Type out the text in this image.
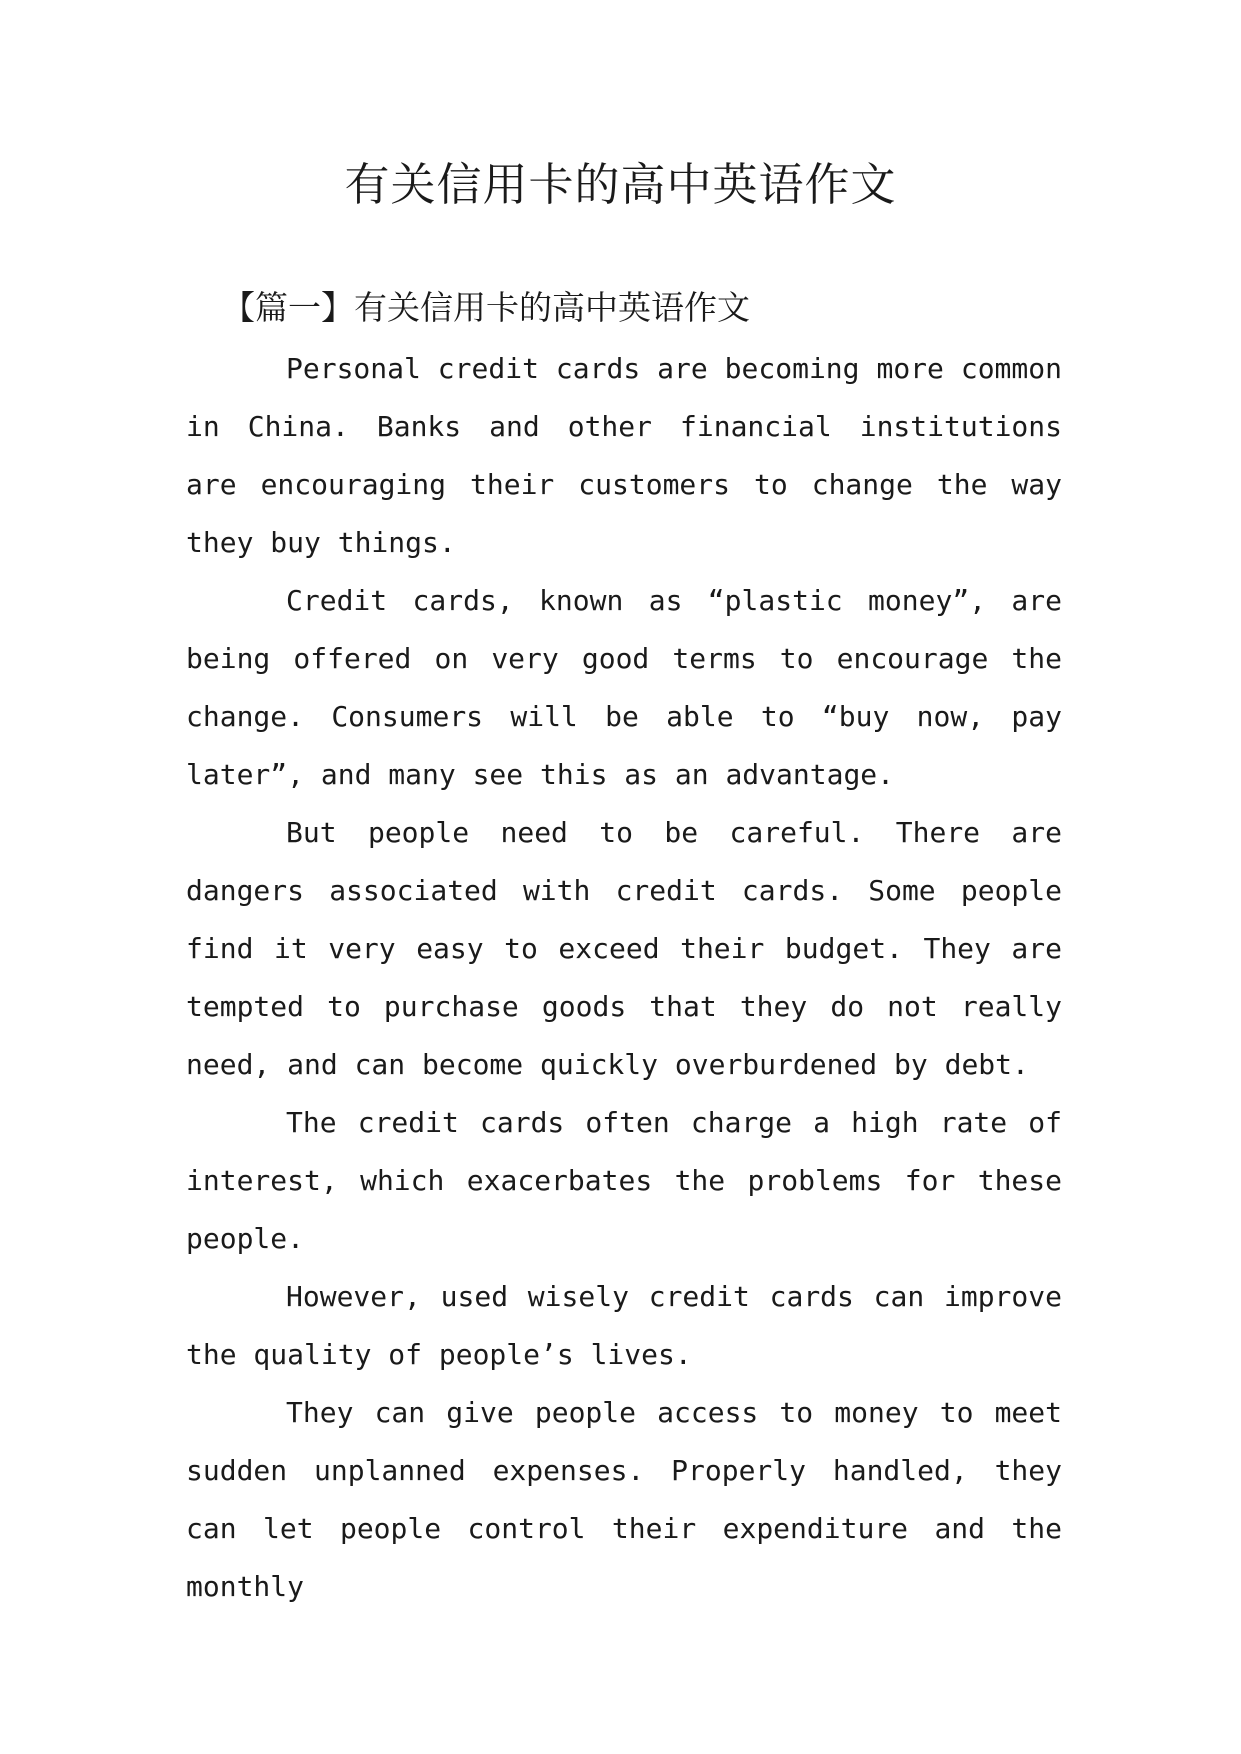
有关信用卡的高中英语作文
【篇一】有关信用卡的高中英语作文

Personal credit cards are becoming more common in China. Banks and other financial institutions are encouraging their customers to change the way they buy things.

Credit cards, known as “plastic money”, are being offered on very good terms to encourage the change. Consumers will be able to “buy now, pay later”, and many see this as an advantage.

But people need to be careful. There are dangers associated with credit cards. Some people find it very easy to exceed their budget. They are tempted to purchase goods that they do not really need, and can become quickly overburdened by debt.

The credit cards often charge a high rate of interest, which exacerbates the problems for these people.

However, used wisely credit cards can improve the quality of people’s lives.

They can give people access to money to meet sudden unplanned expenses. Properly handled, they can let people control their expenditure and the monthly
